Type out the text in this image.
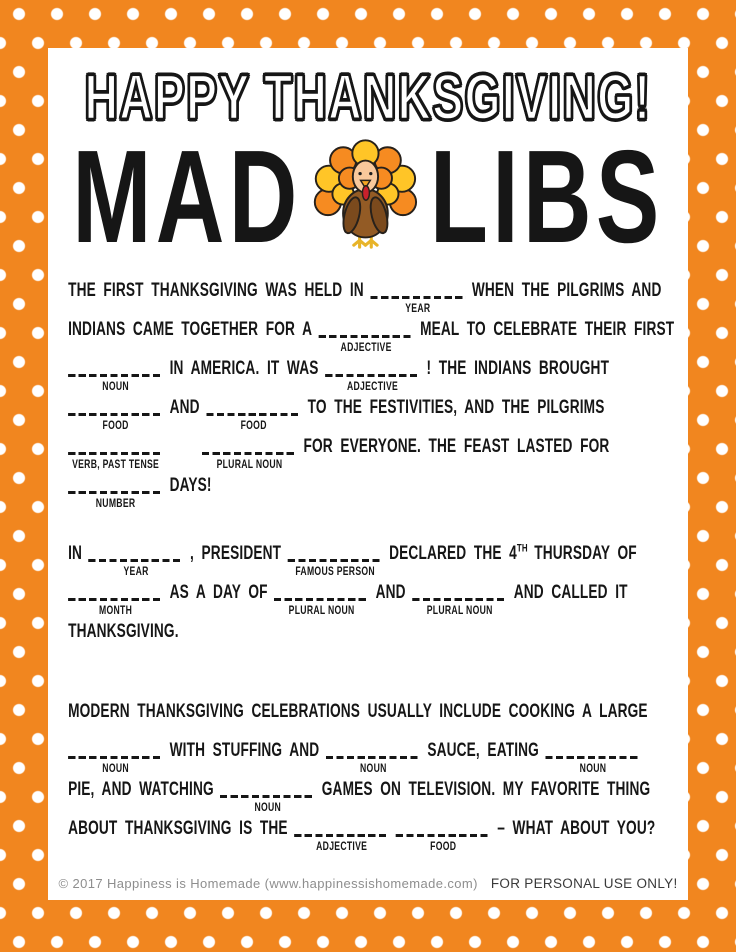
HAPPY THANKSGIVING!
MAD LIBS
THE FIRST THANKSGIVING WAS HELD IN
YEAR
WHEN THE PILGRIMS AND
INDIANS CAME TOGETHER FOR A
ADJECTIVE
MEAL TO CELEBRATE THEIR FIRST
NOUN
IN AMERICA. IT WAS
ADJECTIVE
! THE INDIANS BROUGHT
FOOD
AND
FOOD
TO THE FESTIVITIES, AND THE PILGRIMS
VERB, PAST TENSE	PLURAL NOUN
FOR EVERYONE. THE FEAST LASTED FOR
NUMBER
DAYS!
IN
YEAR
, PRESIDENT
FAMOUS PERSON
DECLARED THE 4TH THURSDAY OF
MONTH
AS A DAY OF
PLURAL NOUN
AND
PLURAL NOUN
AND CALLED IT
THANKSGIVING.
MODERN THANKSGIVING CELEBRATIONS USUALLY INCLUDE COOKING A LARGE
NOUN
WITH STUFFING AND
NOUN
SAUCE, EATING
NOUN
PIE, AND WATCHING
NOUN
GAMES ON TELEVISION. MY FAVORITE THING
ABOUT THANKSGIVING IS THE
ADJECTIVE	FOOD
– WHAT ABOUT YOU?
© 2017 Happiness is Homemade (www.happinessishomemade.com) FOR PERSONAL USE ONLY!
